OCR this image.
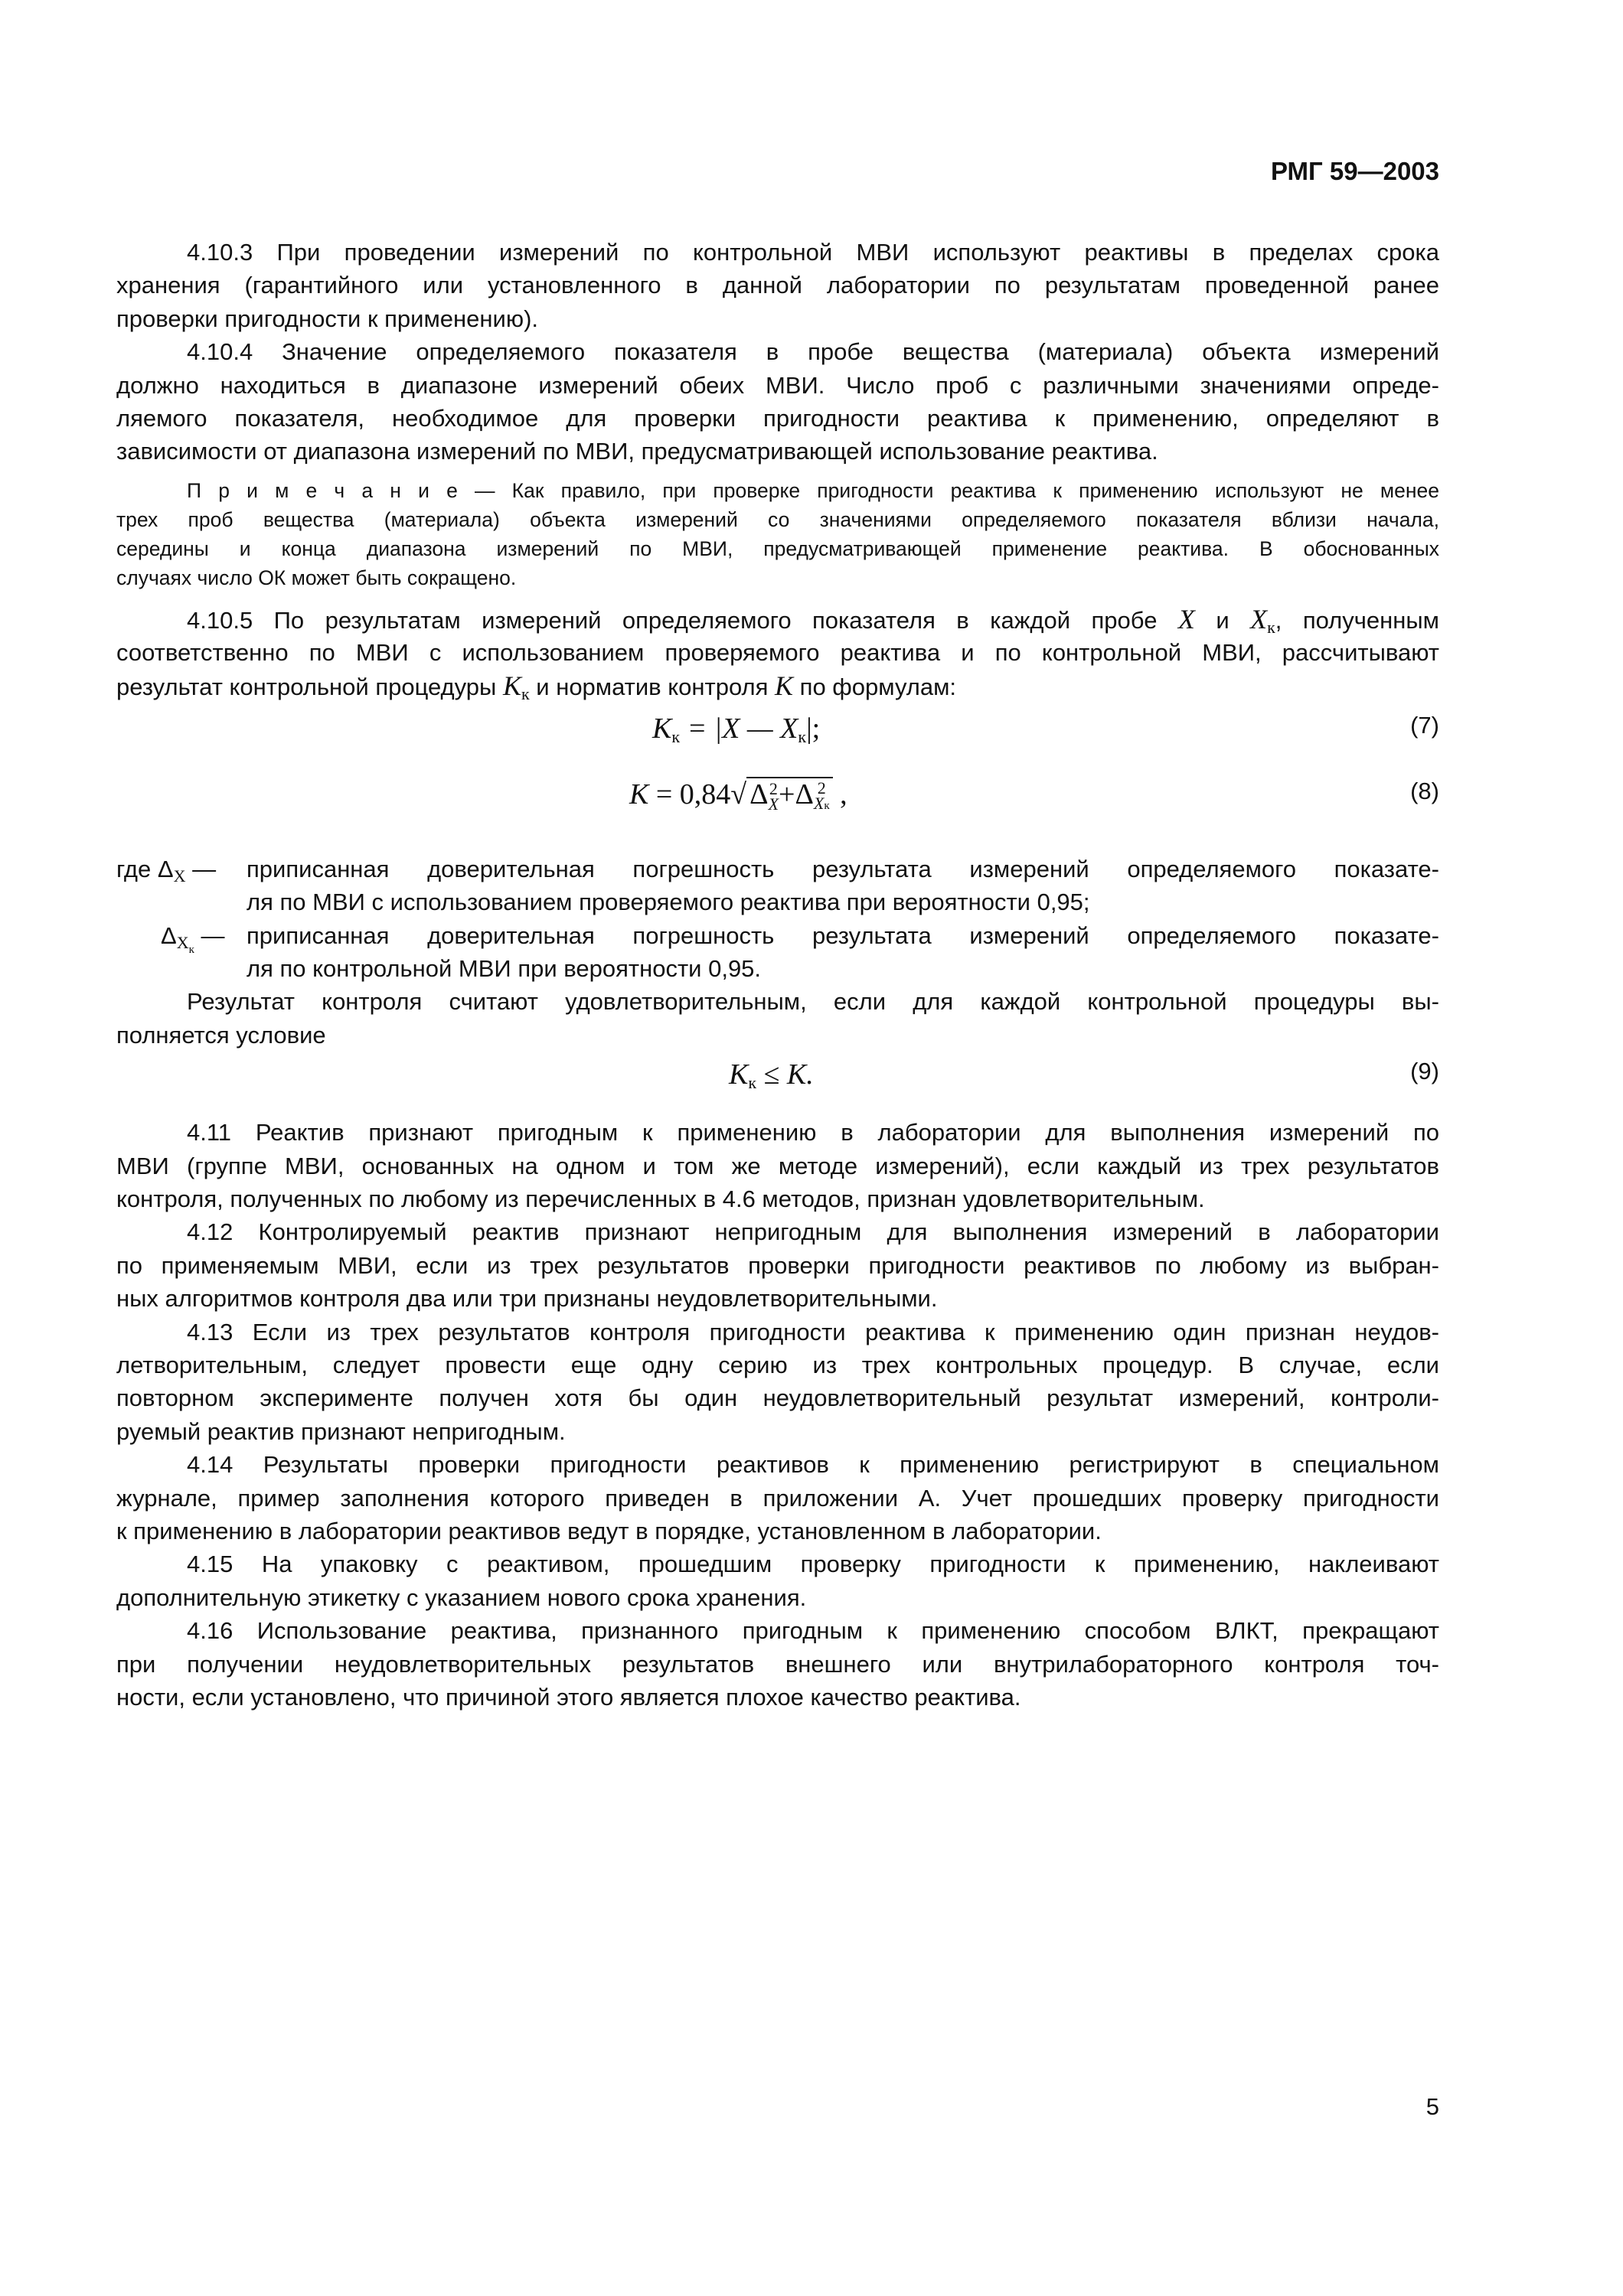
РМГ 59—2003
4.10.3 При проведении измерений по контрольной МВИ используют реактивы в пределах срока
хранения (гарантийного или установленного в данной лаборатории по результатам проведенной ранее
проверки пригодности к применению).
4.10.4 Значение определяемого показателя в пробе вещества (материала) объекта измерений
должно находиться в диапазоне измерений обеих МВИ. Число проб с различными значениями опреде-
ляемого показателя, необходимое для проверки пригодности реактива к применению, определяют в
зависимости от диапазона измерений по МВИ, предусматривающей использование реактива.
П р и м е ч а н и е — Как правило, при проверке пригодности реактива к применению используют не менее
трех проб вещества (материала) объекта измерений со значениями определяемого показателя вблизи начала,
середины и конца диапазона измерений по МВИ, предусматривающей применение реактива. В обоснованных
случаях число ОК может быть сокращено.
4.10.5 По результатам измерений определяемого показателя в каждой пробе X и Xк, полученным
соответственно по МВИ с использованием проверяемого реактива и по контрольной МВИ, рассчитывают
результат контрольной процедуры Kк и норматив контроля K по формулам:
Kк = |X — Xк|;	(7)
K = 0,84√ Δ2
X+Δ 2
Xк ,	(8)
где ΔX — приписанная доверительная погрешность результата измерений определяемого показате-
ля по МВИ с использованием проверяемого реактива при вероятности 0,95;
$\Delta X_к$ — приписанная доверительная погрешность результата измерений определяемого показате-
ля по контрольной МВИ при вероятности 0,95.
Результат контроля считают удовлетворительным, если для каждой контрольной процедуры вы-
полняется условие
Kк ≤ K.	(9)
4.11 Реактив признают пригодным к применению в лаборатории для выполнения измерений по
МВИ (группе МВИ, основанных на одном и том же методе измерений), если каждый из трех результатов
контроля, полученных по любому из перечисленных в 4.6 методов, признан удовлетворительным.
4.12 Контролируемый реактив признают непригодным для выполнения измерений в лаборатории
по применяемым МВИ, если из трех результатов проверки пригодности реактивов по любому из выбран-
ных алгоритмов контроля два или три признаны неудовлетворительными.
4.13 Если из трех результатов контроля пригодности реактива к применению один признан неудов-
летворительным, следует провести еще одну серию из трех контрольных процедур. В случае, если
повторном эксперименте получен хотя бы один неудовлетворительный результат измерений, контроли-
руемый реактив признают непригодным.
4.14 Результаты проверки пригодности реактивов к применению регистрируют в специальном
журнале, пример заполнения которого приведен в приложении А. Учет прошедших проверку пригодности
к применению в лаборатории реактивов ведут в порядке, установленном в лаборатории.
4.15 На упаковку с реактивом, прошедшим проверку пригодности к применению, наклеивают
дополнительную этикетку с указанием нового срока хранения.
4.16 Использование реактива, признанного пригодным к применению способом ВЛКТ, прекращают
при получении неудовлетворительных результатов внешнего или внутрилабораторного контроля точ-
ности, если установлено, что причиной этого является плохое качество реактива.
5
